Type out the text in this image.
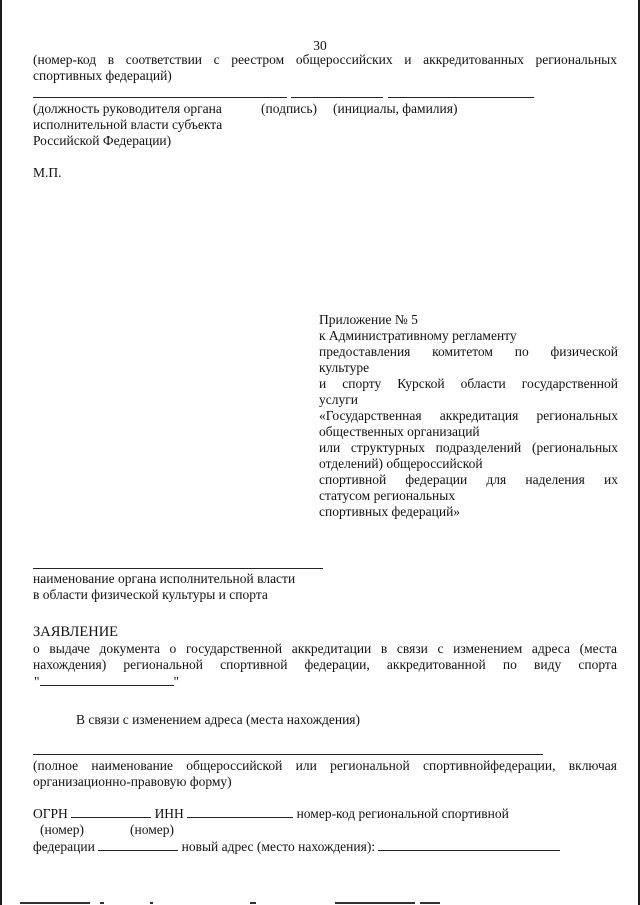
30
(номер-код в соответствии с реестром общероссийских и аккредитованных региональных
спортивных федераций)
(должность руководителя органа
исполнительной власти субъекта
Российской Федерации)
(подпись) (инициалы, фамилия)
М.П.
Приложение № 5
к Административному регламенту
предоставления комитетом по физической
культуре
и спорту Курской области государственной
услуги
«Государственная аккредитация региональных
общественных организаций
или структурных подразделений (региональных
отделений) общероссийской
спортивной федерации для наделения их
статусом региональных
спортивных федераций»
наименование органа исполнительной власти
в области физической культуры и спорта
ЗАЯВЛЕНИЕ
о выдаче документа о государственной аккредитации в связи с изменением адреса (места
нахождения) региональной спортивной федерации, аккредитованной по виду спорта
"	"
В связи с изменением адреса (места нахождения)
(полное наименование общероссийской или региональной спортивнойфедерации, включая
организационно-правовую форму)
ОГРН	ИНН	номер-код региональной спортивной
(номер)	(номер)
федерации	новый адрес (место нахождения):
